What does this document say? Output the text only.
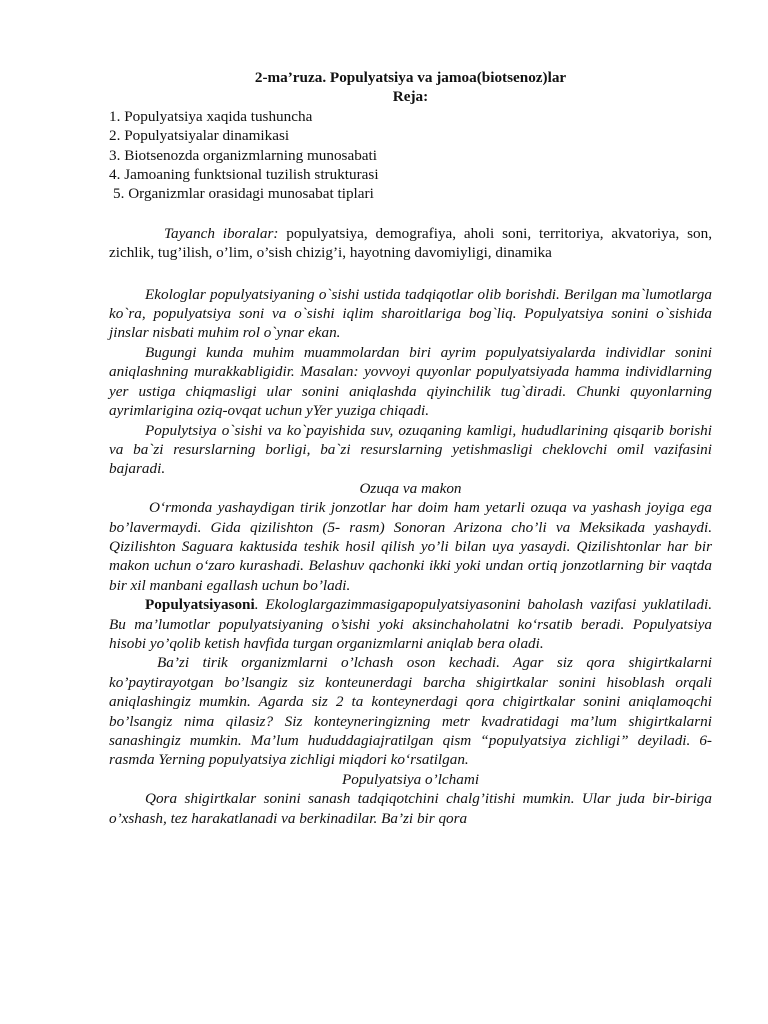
2-ma’ruza. Populyatsiya va jamoa(biotsenoz)lar

Reja:

1. Populyatsiya xaqida tushuncha
2. Populyatsiyalar dinamikasi
3. Biotsenozda organizmlarning munosabati
4. Jamoaning funktsional tuzilish strukturasi
5. Organizmlar orasidagi munosabat tiplari

Tayanch iboralar: populyatsiya, demografiya, aholi soni, territoriya, akvatoriya, son, zichlik, tug’ilish, o’lim, o’sish chizig’i, hayotning davomiyligi, dinamika

Ekologlar populyatsiyaning o`sishi ustida tadqiqotlar olib borishdi. Berilgan ma`lumotlarga ko`ra, populyatsiya soni va o`sishi iqlim sharoitlariga bog`liq. Populyatsiya sonini o`sishida jinslar nisbati muhim rol o`ynar ekan.

Bugungi kunda muhim muammolardan biri ayrim populyatsiyalarda individlar sonini aniqlashning murakkabligidir. Masalan: yovvoyi quyonlar populyatsiyada hamma individlarning yer ustiga chiqmasligi ular sonini aniqlashda qiyinchilik tug`diradi. Chunki quyonlarning ayrimlarigina oziq-ovqat uchun yYer yuziga chiqadi.

Populytsiya o`sishi va ko`payishida suv, ozuqaning kamligi, hududlarining qisqarib borishi va ba`zi resurslarning borligi, ba`zi resurslarning yetishmasligi cheklovchi omil vazifasini bajaradi.

Ozuqa va makon

O‘rmonda yashaydigan tirik jonzotlar har doim ham yetarli ozuqa va yashash joyiga ega bo’lavermaydi. Gida qizilishton (5- rasm) Sonoran Arizona cho’li va Meksikada yashaydi. Qizilishton Saguara kaktusida teshik hosil qilish yo’li bilan uya yasaydi. Qizilishtonlar har bir makon uchun o‘zaro kurashadi. Belashuv qachonki ikki yoki undan ortiq jonzotlarning bir vaqtda bir xil manbani egallash uchun bo’ladi.

Populyatsiyasoni. Ekologlargazimmasigapopulyatsiyasonini baholash vazifasi yuklatiladi. Bu ma’lumotlar populyatsiyaning o’sishi yoki aksinchaholatni ko‘rsatib beradi. Populyatsiya hisobi yo’qolib ketish havfida turgan organizmlarni aniqlab bera oladi.

Ba’zi tirik organizmlarni o’lchash oson kechadi. Agar siz qora shigirtkalarni ko’paytirayotgan bo’lsangiz siz konteunerdagi barcha shigirtkalar sonini hisoblash orqali aniqlashingiz mumkin. Agarda siz 2 ta konteynerdagi qora chigirtkalar sonini aniqlamoqchi bo’lsangiz nima qilasiz? Siz konteyneringizning metr kvadratidagi ma’lum shigirtkalarni sanashingiz mumkin. Ma’lum hududdagiajratilgan qism “populyatsiya zichligi” deyiladi. 6-rasmda Yerning populyatsiya zichligi miqdori ko‘rsatilgan.

Populyatsiya o’lchami

Qora shigirtkalar sonini sanash tadqiqotchini chalg’itishi mumkin. Ular juda bir-biriga o’xshash, tez harakatlanadi va berkinadilar. Ba’zi bir qora
